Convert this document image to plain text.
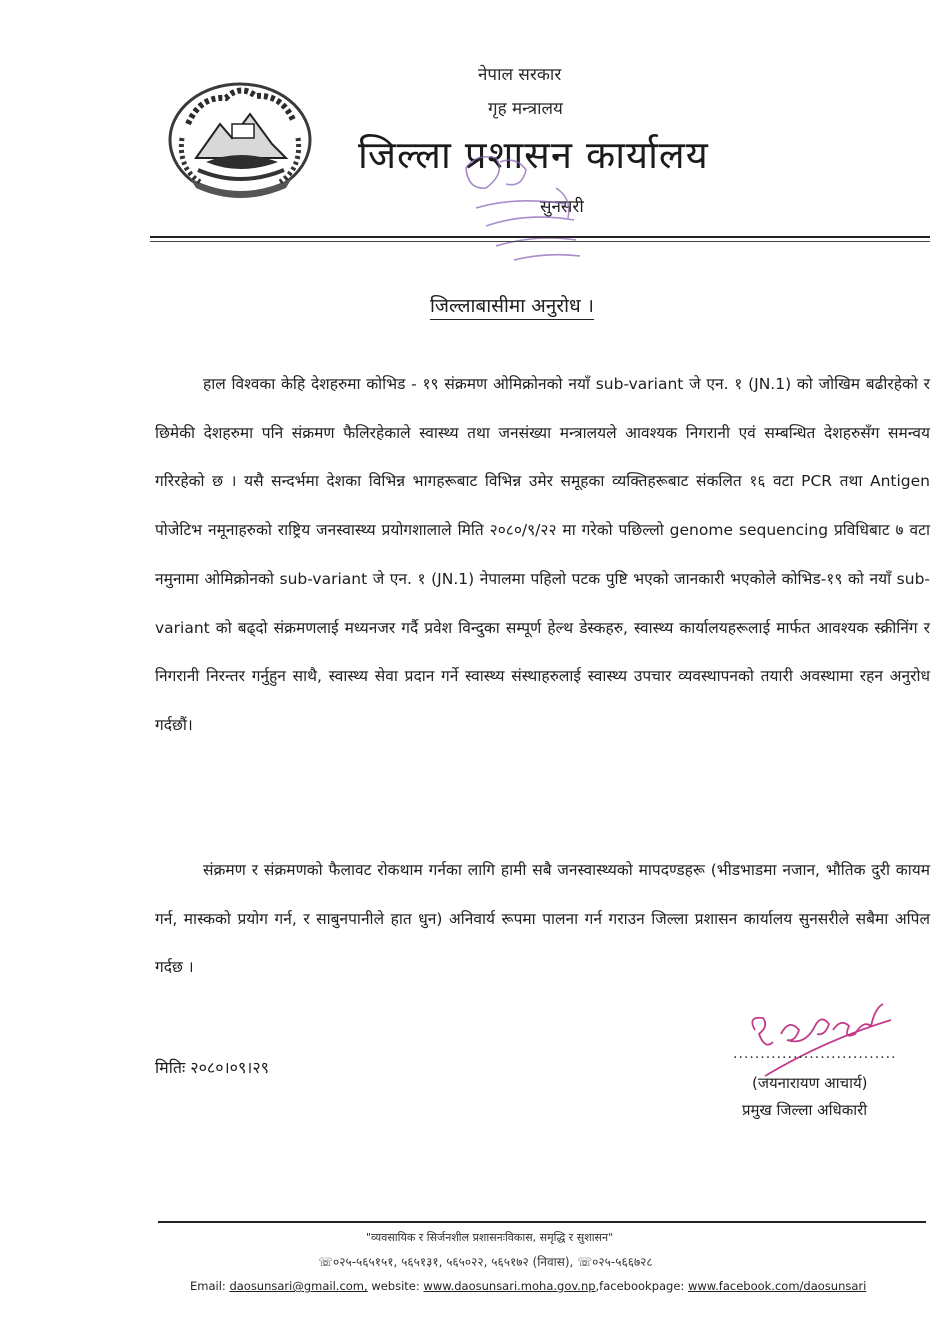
नेपाल सरकार
गृह मन्त्रालय
जिल्ला प्रशासन कार्यालय
सुनसरी
जिल्लाबासीमा अनुरोध ।

हाल विश्वका केहि देशहरुमा कोभिड - १९ संक्रमण ओमिक्रोनको नयाँ sub-variant जे एन. १ (JN.1) को जोखिम बढीरहेको र छिमेकी देशहरुमा पनि संक्रमण फैलिरहेकाले स्वास्थ्य तथा जनसंख्या मन्त्रालयले आवश्यक निगरानी एवं सम्बन्धित देशहरुसँग समन्वय गरिरहेको छ । यसै सन्दर्भमा देशका विभिन्न भागहरूबाट विभिन्न उमेर समूहका व्यक्तिहरूबाट संकलित १६ वटा PCR तथा Antigen पोजेटिभ नमूनाहरुको राष्ट्रिय जनस्वास्थ्य प्रयोगशालाले मिति २०८०/९/२२ मा गरेको पछिल्लो genome sequencing प्रविधिबाट ७ वटा नमुनामा ओमिक्रोनको sub-variant जे एन. १ (JN.1) नेपालमा पहिलो पटक पुष्टि भएको जानकारी भएकोले कोभिड-१९ को नयाँ sub-variant को बढ्दो संक्रमणलाई मध्यनजर गर्दै प्रवेश विन्दुका सम्पूर्ण हेल्थ डेस्कहरु, स्वास्थ्य कार्यालयहरूलाई मार्फत आवश्यक स्क्रीनिंग र निगरानी निरन्तर गर्नुहुन साथै, स्वास्थ्य सेवा प्रदान गर्ने स्वास्थ्य संस्थाहरुलाई स्वास्थ्य उपचार व्यवस्थापनको तयारी अवस्थामा रहन अनुरोध गर्दछौं।

संक्रमण र संक्रमणको फैलावट रोकथाम गर्नका लागि हामी सबै जनस्वास्थ्यको मापदण्डहरू (भीडभाडमा नजान, भौतिक दुरी कायम गर्न, मास्कको प्रयोग गर्न, र साबुनपानीले हात धुन) अनिवार्य रूपमा पालना गर्न गराउन जिल्ला प्रशासन कार्यालय सुनसरीले सबैमा अपिल गर्दछ ।

मितिः २०८०।०९।२९
..............................
(जयनारायण आचार्य)
प्रमुख जिल्ला अधिकारी
"व्यवसायिक र सिर्जनशील प्रशासनःविकास, समृद्धि र सुशासन"
☏०२५-५६५१५१, ५६५१३१, ५६५०२२, ५६५१७२ (निवास), ☏०२५-५६६७२८
Email: daosunsari@gmail.com, website: www.daosunsari.moha.gov.np,facebookpage: www.facebook.com/daosunsari
